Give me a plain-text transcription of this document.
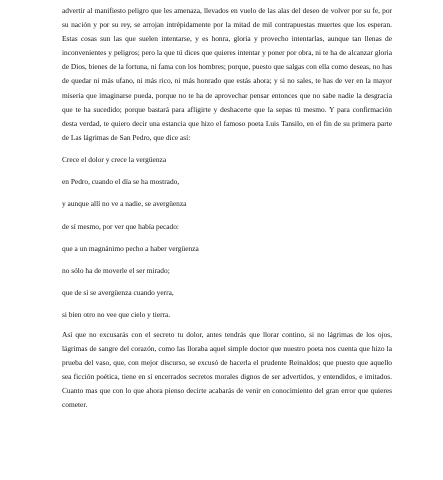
advertir al manifiesto peligro que les amenaza, llevados en vuelo de las alas del deseo de volver por su fe, por su nación y por su rey, se arrojan intrépidamente por la mitad de mil contrapuestas muertes que los esperan. Estas cosas sun las que suelen intentarse, y es honra, gloria y provecho intentarlas, aunque tan llenas de inconvenientes y peligros; pero la que tú dices que quieres intentar y poner por obra, ni te ha de alcanzar gloria de Dios, bienes de la fortuna, ni fama con los hombres; porque, puesto que salgas con ella como deseas, no has de quedar ni más ufano, ni más rico, ni más honrado que estás ahora; y si no sales, te has de ver en la mayor miseria que imaginarse pueda, porque no te ha de aprovechar pensar entonces que no sabe nadie la desgracia que te ha sucedido; porque bastará para afligirte y deshacerte que la sepas tú mesmo. Y para confirmación desta verdad, te quiero decir una estancia que hizo el famoso poeta Luis Tansilo, en el fin de su primera parte de Las lágrimas de San Pedro, que dice así:

Crece el dolor y crece la vergüenza
en Pedro, cuando el día se ha mostrado,
y aunque allí no ve a nadie, se avergüenza
de sí mesmo, por ver que había pecado:
que a un magnánimo pecho a haber vergüenza
no sólo ha de moverle el ser mirado;
que de sí se avergüenza cuando yerra,
si bien otro no vee que cielo y tierra.

Así que no excusarás con el secreto tu dolor, antes tendrás que llorar contino, si no lágrimas de los ojos, lágrimas de sangre del corazón, como las lloraba aquel simple doctor que nuestro poeta nos cuenta que hizo la prueba del vaso, que, con mejor discurso, se excusó de hacerla el prudente Reinaldos; que puesto que aquello sea ficción poética, tiene en sí encerrados secretos morales dignos de ser advertidos, y entendidos, e imitados. Cuanto mas que con lo que ahora pienso decirte acabarás de venir en conocimiento del gran error que quieres cometer.
